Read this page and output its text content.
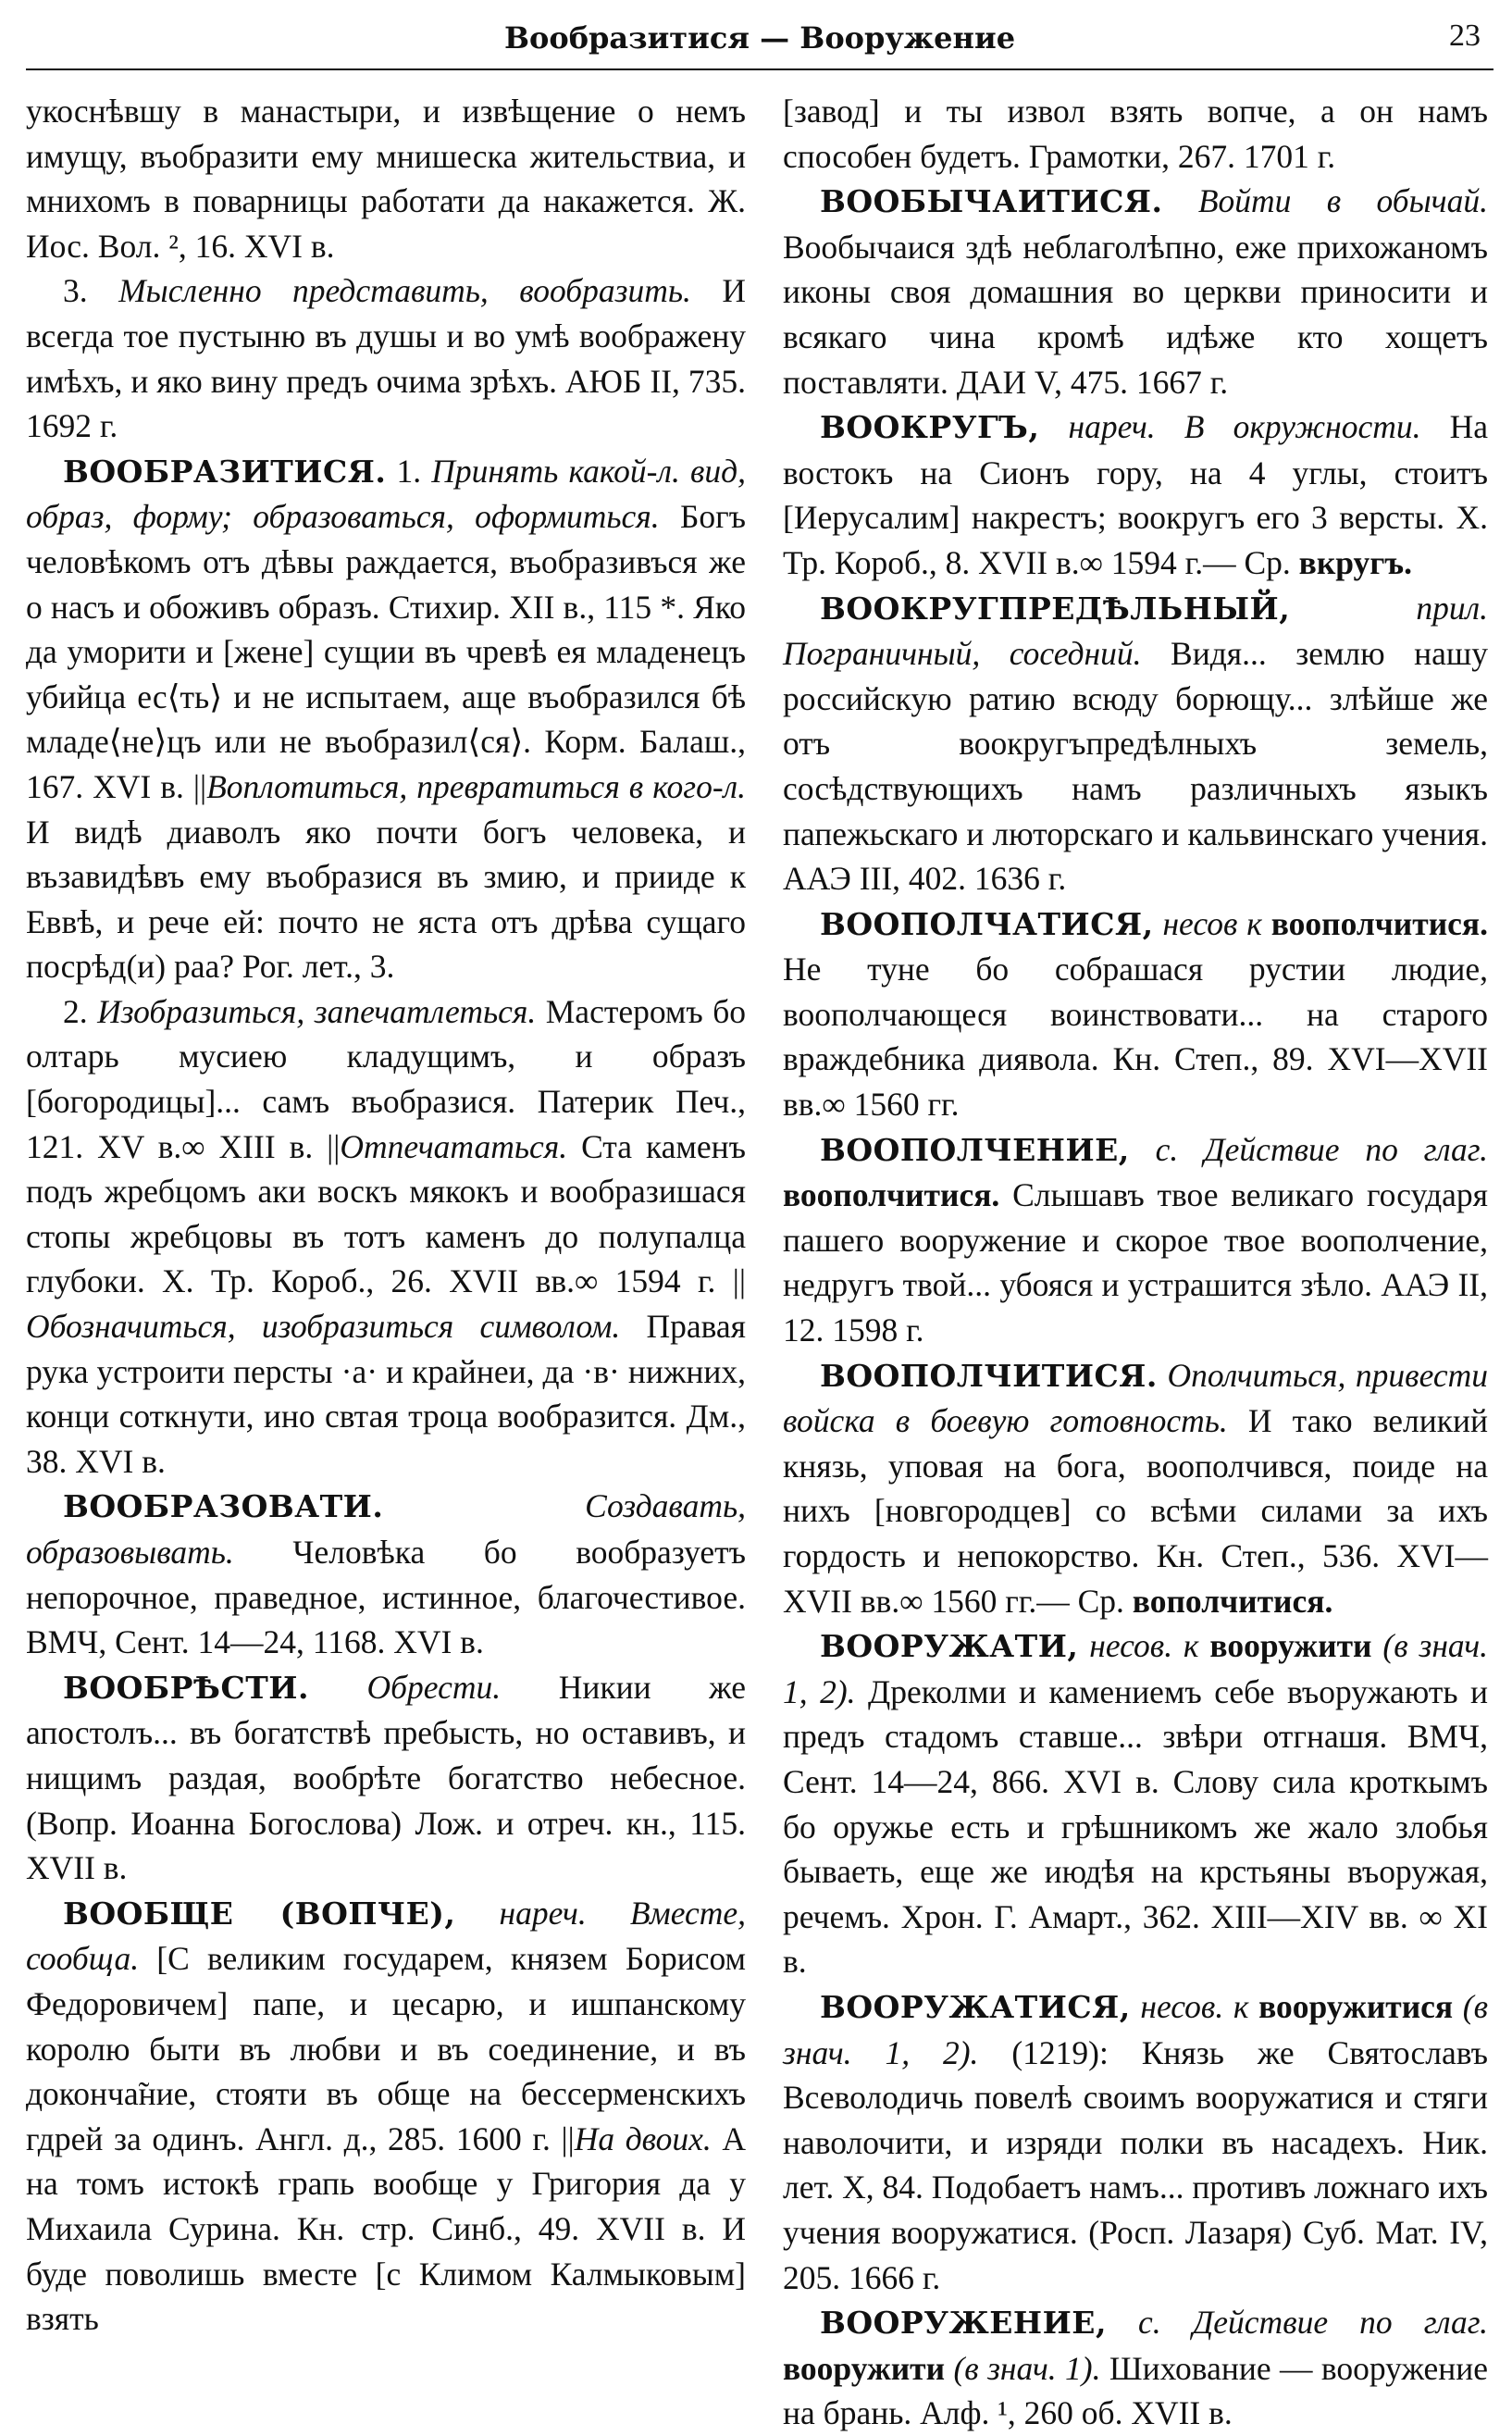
Вообразитися — Вооружение	23

укоснѣвшу в манастыри, и извѣщение о немъ имущу, въобразити ему мнишеска жительствиа, и мнихомъ в поварницы работати да накажется. Ж. Иос. Вол. ², 16. XVI в.

3. Мысленно представить, вообразить. И всегда тое пустыню въ душы и во умѣ воображену имѣхъ, и яко вину предъ очима зрѣхъ. АЮБ II, 735. 1692 г.

ВООБРАЗИТИСЯ. 1. Принять какой-л. вид, образ, форму; образоваться, оформиться. Богъ человѣкомъ отъ дѣвы раждается, въобразивъся же о насъ и обоживъ образъ. Стихир. XII в., 115 *. Яко да уморити и [жене] сущии въ чревѣ ея младенецъ убийца ес⟨ть⟩ и не испытаем, аще въобразился бѣ младе⟨не⟩цъ или не въобразил⟨ся⟩. Корм. Балаш., 167. XVI в. ||Воплотиться, превратиться в кого-л. И видѣ диаволъ яко почти богъ человека, и възавидѣвъ ему въобразися въ змию, и прииде к Еввѣ, и рече ей: почто не яста отъ дрѣва сущаго посрѣд(и) раа? Рог. лет., 3.

2. Изобразиться, запечатлеться. Мастеромъ бо олтарь мусиею кладущимъ, и образъ [богородицы]... самъ въобразися. Патерик Печ., 121. XV в.∞ XIII в. ||Отпечататься. Ста каменъ подъ жребцомъ аки воскъ мякокъ и вообразишася стопы жребцовы въ тотъ каменъ до полупалца глубоки. Х. Тр. Короб., 26. XVII вв.∞ 1594 г. ||Обозначиться, изобразиться символом. Правая рука устроити персты ·а· и крайнеи, да ·в· нижних, конци соткнути, ино свтая троца вообразится. Дм., 38. XVI в.

ВООБРАЗОВАТИ.	Создавать, образовывать. Человѣка бо вообразуетъ непорочное, праведное, истинное, благочестивое. ВМЧ, Сент. 14—24, 1168. XVI в.

ВООБРѢСТИ. Обрести. Никии же апостолъ... въ богатствѣ пребысть, но оставивъ, и нищимъ раздая, вообрѣте богатство небесное. (Вопр. Иоанна Богослова) Лож. и отреч. кн., 115. XVII в.

ВООБЩЕ (ВОПЧЕ), нареч. Вместе, сообща. [С великим государем, князем Борисом Федоровичем] папе, и цесарю, и ишпанскому королю быти въ любви и въ соединение, и въ доконча̃ние, стояти въ обще на бессерменскихъ гдрей за одинъ. Англ. д., 285. 1600 г. ||На двоих. А на томъ истокѣ грапь вообще у Григория да у Михаила Сурина. Кн. стр. Синб., 49. XVII в. И буде поволишь вместе [с Климом Калмыковым] взять

[завод] и ты извол взять вопче, а он намъ способен будетъ. Грамотки, 267. 1701 г.

ВООБЫЧАИТИСЯ. Войти в обычай. Вообычаися здѣ неблаголѣпно, еже прихожаномъ иконы своя домашния во церкви приносити и всякаго чина кромѣ идѣже кто хощетъ поставляти. ДАИ V, 475. 1667 г.

ВООКРУГЪ, нареч. В окружности. На востокъ на Сионъ гору, на 4 углы, стоитъ [Иерусалим] накрестъ; воокругъ его 3 версты. Х. Тр. Короб., 8. XVII в.∞ 1594 г.— Ср. вкругъ.

ВООКРУГПРЕДѢЛЬНЫЙ,	прил. Пограничный, соседний. Видя... землю нашу российскую ратию всюду борющу... злѣйше же отъ воокругъпредѣлныхъ земель, сосѣдствующихъ намъ различныхъ языкъ папежьскаго и люторскаго и кальвинскаго учения. ААЭ III, 402. 1636 г.

ВООПОЛЧАТИСЯ, несов к воополчитися. Не туне бо собрашася рустии людие, воополчающеся воинствовати... на старого враждебника диявола. Кн. Степ., 89. XVI—XVII вв.∞ 1560 гг.

ВООПОЛЧЕНИЕ, с. Действие по глаг. воополчитися. Слышавъ твое великаго государя пашего вооружение и скорое твое воополчение, недругъ твой... убояся и устрашится зѣло. ААЭ II, 12. 1598 г.

ВООПОЛЧИТИСЯ. Ополчиться, привести войска в боевую готовность. И тако великий князь, уповая на бога, воополчився, поиде на нихъ [новгородцев] со всѣми силами за ихъ гордость и непокорство. Кн. Степ., 536. XVI—XVII вв.∞ 1560 гг.— Ср. вополчитися.

ВООРУЖАТИ, несов. к вооружити (в знач. 1, 2). Дреколми и камениемъ себе въоружають и предъ стадомъ ставше... звѣри отгнашя. ВМЧ, Сент. 14—24, 866. XVI в. Слову сила кроткымъ бо оружье есть и грѣшникомъ же жало злобья бываеть, еще же июдѣя на крстьяны въоружая, речемъ. Хрон. Г. Амарт., 362. XIII—XIV вв. ∞ XI в.

ВООРУЖАТИСЯ, несов. к вооружитися (в знач. 1, 2). (1219): Князь же Святославъ Всеволодичь повелѣ своимъ вооружатися и стяги наволочити, и изряди полки въ насадехъ. Ник. лет. X, 84. Подобаетъ намъ... противъ ложнаго ихъ учения вооружатися. (Росп. Лазаря) Суб. Мат. IV, 205. 1666 г.

ВООРУЖЕНИЕ, с. Действие по глаг. вооружити (в знач. 1). Шихование — вооружение на брань. Алф. ¹, 260 об. XVII в.
